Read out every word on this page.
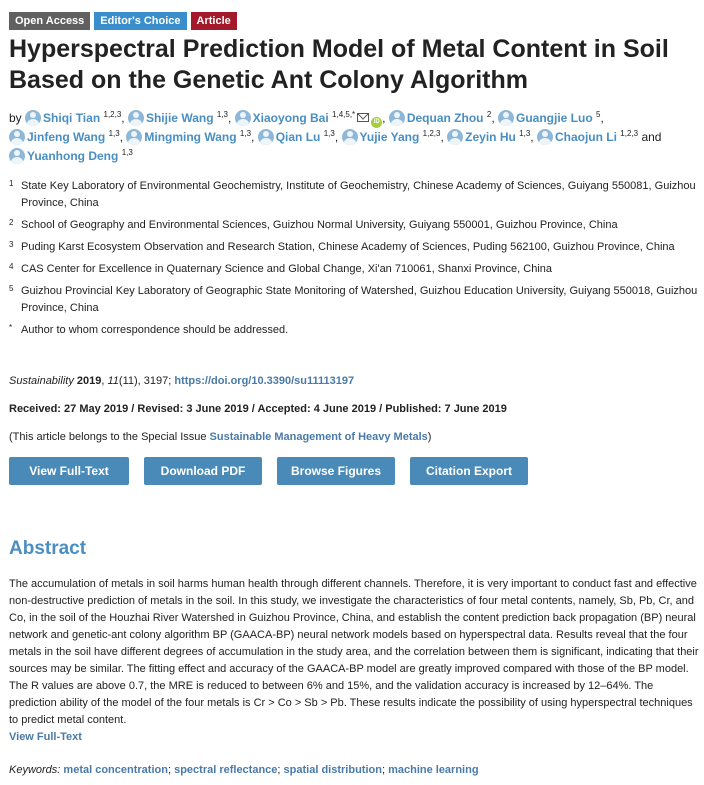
Open Access	Editor's Choice	Article
Hyperspectral Prediction Model of Metal Content in Soil Based on the Genetic Ant Colony Algorithm
by Shiqi Tian $^{1,2,3}$, Shijie Wang $^{1,3}$, Xiaoyong Bai $^{1,4,5,*}$iD , Dequan Zhou $^2$, Guangjie Luo $^5$, Jinfeng Wang $^{1,3}$, Mingming Wang $^{1,3}$, Qian Lu $^{1,3}$, Yujie Yang $^{1,2,3}$, Zeyin Hu $^{1,3}$, Chaojun Li $^{1,2,3}$ and Yuanhong Deng $^{1,3}$
1 State Key Laboratory of Environmental Geochemistry, Institute of Geochemistry, Chinese Academy of Sciences, Guiyang 550081, Guizhou Province, China
2 School of Geography and Environmental Sciences, Guizhou Normal University, Guiyang 550001, Guizhou Province, China
3 Puding Karst Ecosystem Observation and Research Station, Chinese Academy of Sciences, Puding 562100, Guizhou Province, China
4 CAS Center for Excellence in Quaternary Science and Global Change, Xi'an 710061, Shanxi Province, China
5 Guizhou Provincial Key Laboratory of Geographic State Monitoring of Watershed, Guizhou Education University, Guiyang 550018, Guizhou Province, China
* Author to whom correspondence should be addressed.
Sustainability 2019, 11(11), 3197; https://doi.org/10.3390/su11113197
Received: 27 May 2019 / Revised: 3 June 2019 / Accepted: 4 June 2019 / Published: 7 June 2019
(This article belongs to the Special Issue Sustainable Management of Heavy Metals)
View Full-Text	Download PDF	Browse Figures	Citation Export
Abstract

The accumulation of metals in soil harms human health through different channels. Therefore, it is very important to conduct fast and effective non-destructive prediction of metals in the soil. In this study, we investigate the characteristics of four metal contents, namely, Sb, Pb, Cr, and Co, in the soil of the Houzhai River Watershed in Guizhou Province, China, and establish the content prediction back propagation (BP) neural network and genetic-ant colony algorithm BP (GAACA-BP) neural network models based on hyperspectral data. Results reveal that the four metals in the soil have different degrees of accumulation in the study area, and the correlation between them is significant, indicating that their sources may be similar. The fitting effect and accuracy of the GAACA-BP model are greatly improved compared with those of the BP model. The R values are above 0.7, the MRE is reduced to between 6% and 15%, and the validation accuracy is increased by 12–64%. The prediction ability of the model of the four metals is Cr > Co > Sb > Pb. These results indicate the possibility of using hyperspectral techniques to predict metal content.
View Full-Text

Keywords: metal concentration; spectral reflectance; spatial distribution; machine learning
